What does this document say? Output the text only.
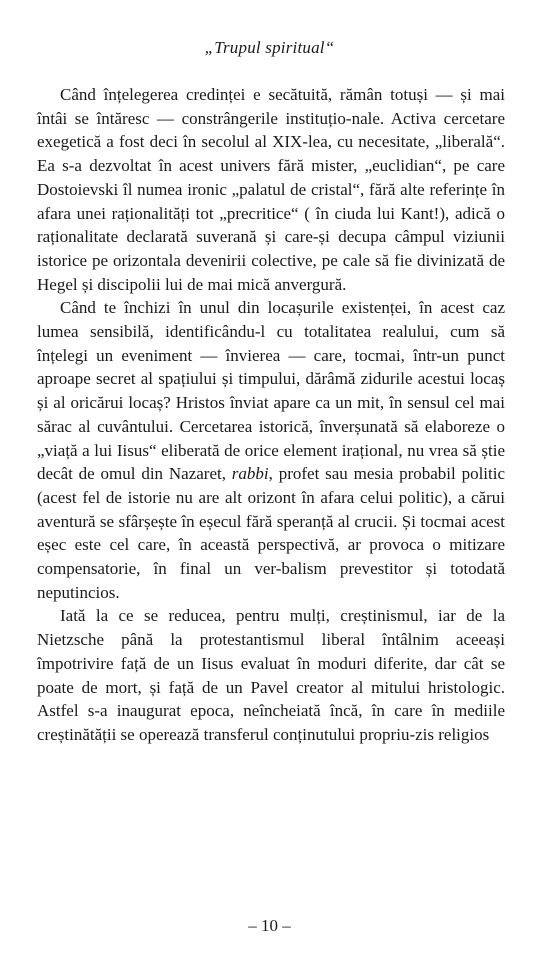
„Trupul spiritual“

Când înțelegerea credinței e secătuită, rămân totuși — și mai întâi se întăresc — constrângerile instituțio-nale. Activa cercetare exegetică a fost deci în secolul al XIX-lea, cu necesitate, „liberală“. Ea s-a dezvoltat în acest univers fără mister, „euclidian“, pe care Dostoievski îl numea ironic „palatul de cristal“, fără alte referințe în afara unei raționalități tot „precritice“ ( în ciuda lui Kant!), adică o raționalitate declarată suverană și care-și decupa câmpul viziunii istorice pe orizontala devenirii colective, pe cale să fie divinizată de Hegel și discipolii lui de mai mică anvergură.

Când te închizi în unul din locașurile existenței, în acest caz lumea sensibilă, identificându-l cu totalitatea realului, cum să înțelegi un eveniment — învierea — care, tocmai, într-un punct aproape secret al spațiului și timpului, dărâmă zidurile acestui locaș și al oricărui locaș? Hristos înviat apare ca un mit, în sensul cel mai sărac al cuvântului. Cercetarea istorică, înverșunată să elaboreze o „viață a lui Iisus“ eliberată de orice element irațional, nu vrea să știe decât de omul din Nazaret, rabbi, profet sau mesia probabil politic (acest fel de istorie nu are alt orizont în afara celui politic), a cărui aventură se sfârșește în eșecul fără speranță al crucii. Și tocmai acest eșec este cel care, în această perspectivă, ar provoca o mitizare compensatorie, în final un ver-balism prevestitor și totodată neputincios.

Iată la ce se reducea, pentru mulți, creștinismul, iar de la Nietzsche până la protestantismul liberal întâlnim aceeași împotrivire față de un Iisus evaluat în moduri diferite, dar cât se poate de mort, și față de un Pavel creator al mitului hristologic. Astfel s-a inaugurat epoca, neîncheiată încă, în care în mediile creștinătății se operează transferul conținutului propriu-zis religios

– 10 –
